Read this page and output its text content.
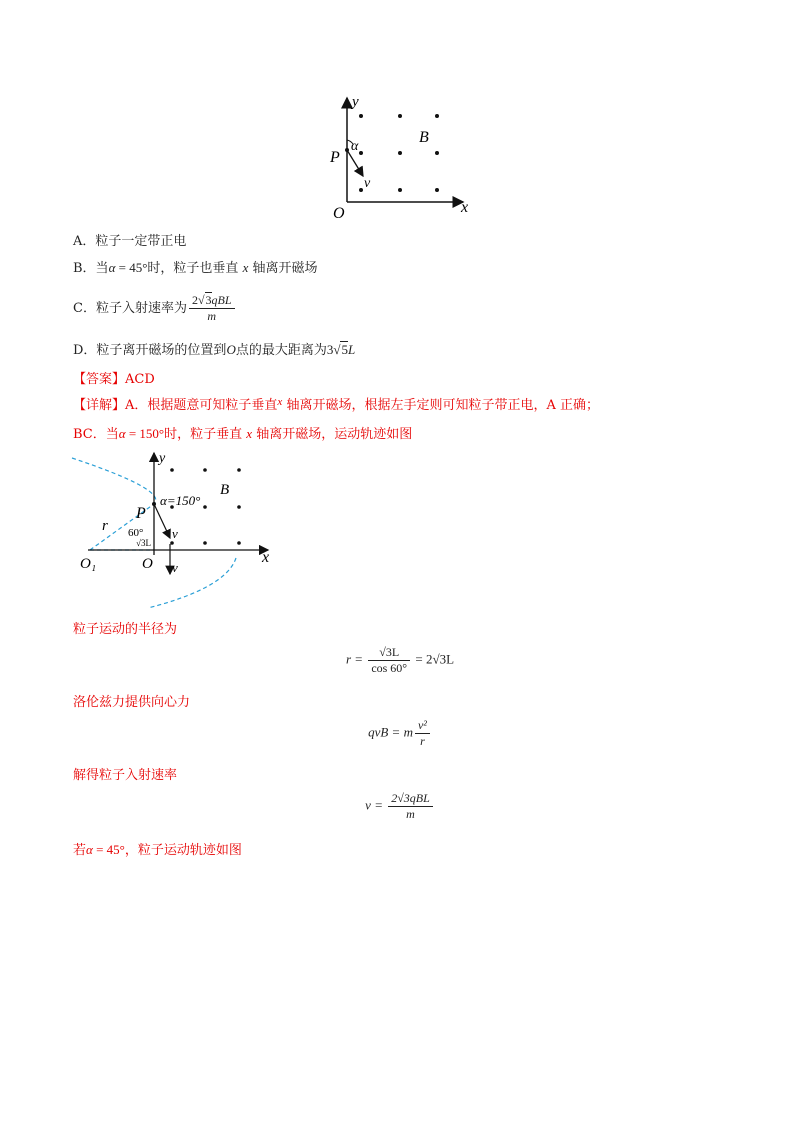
y
x
O
P
α
v
B
A．粒子一定带正电
B．当α = 45°时，粒子也垂直 x 轴离开磁场
C．粒子入射速率为 $\frac{\text{2√3qBL}}{m}$
D．粒子离开磁场的位置到O点的最大距离为3√5L
【答案】ACD
【详解】A．根据题意可知粒子垂直$^x$ 轴离开磁场，根据左手定则可知粒子带正电，A 正确；
BC．当α = 150°时，粒子垂直 x 轴离开磁场，运动轨迹如图
y
x
O
O₁
P
r 60°
√3L
α=150°
B
v
v
粒子运动的半径为
$r = \frac{√3L}{\cos 60^\circ} = 2√3L$
洛伦兹力提供向心力
qvB = m $\frac{\text{v²}}{r}$
解得粒子入射速率
$v = \frac{\text{2√3qBL}}{m}$
若α = 45°，粒子运动轨迹如图
